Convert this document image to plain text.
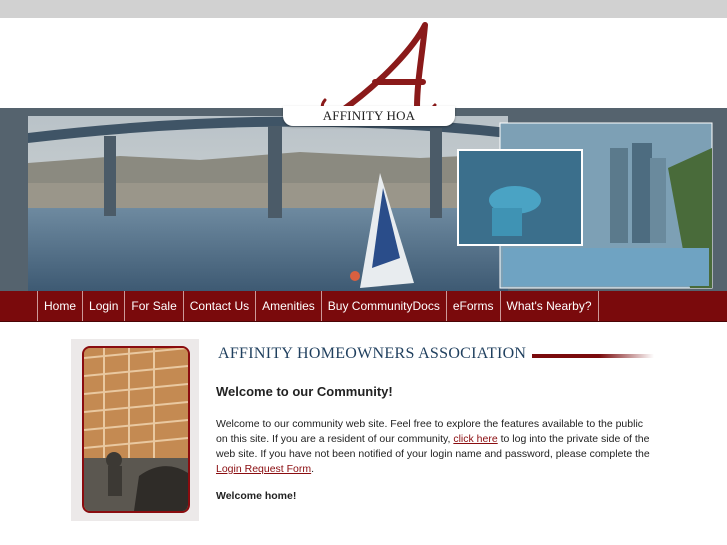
AFFINITY HOA
Home	Login	For Sale	Contact Us	Amenities	Buy CommunityDocs	eForms	What's Nearby?
AFFINITY HOMEOWNERS ASSOCIATION
Welcome to our Community!
Welcome to our community web site. Feel free to explore the features available to the public on this site. If you are a resident of our community, click here to log into the private side of the web site. If you have not been notified of your login name and password, please complete the Login Request Form.
Welcome home!
